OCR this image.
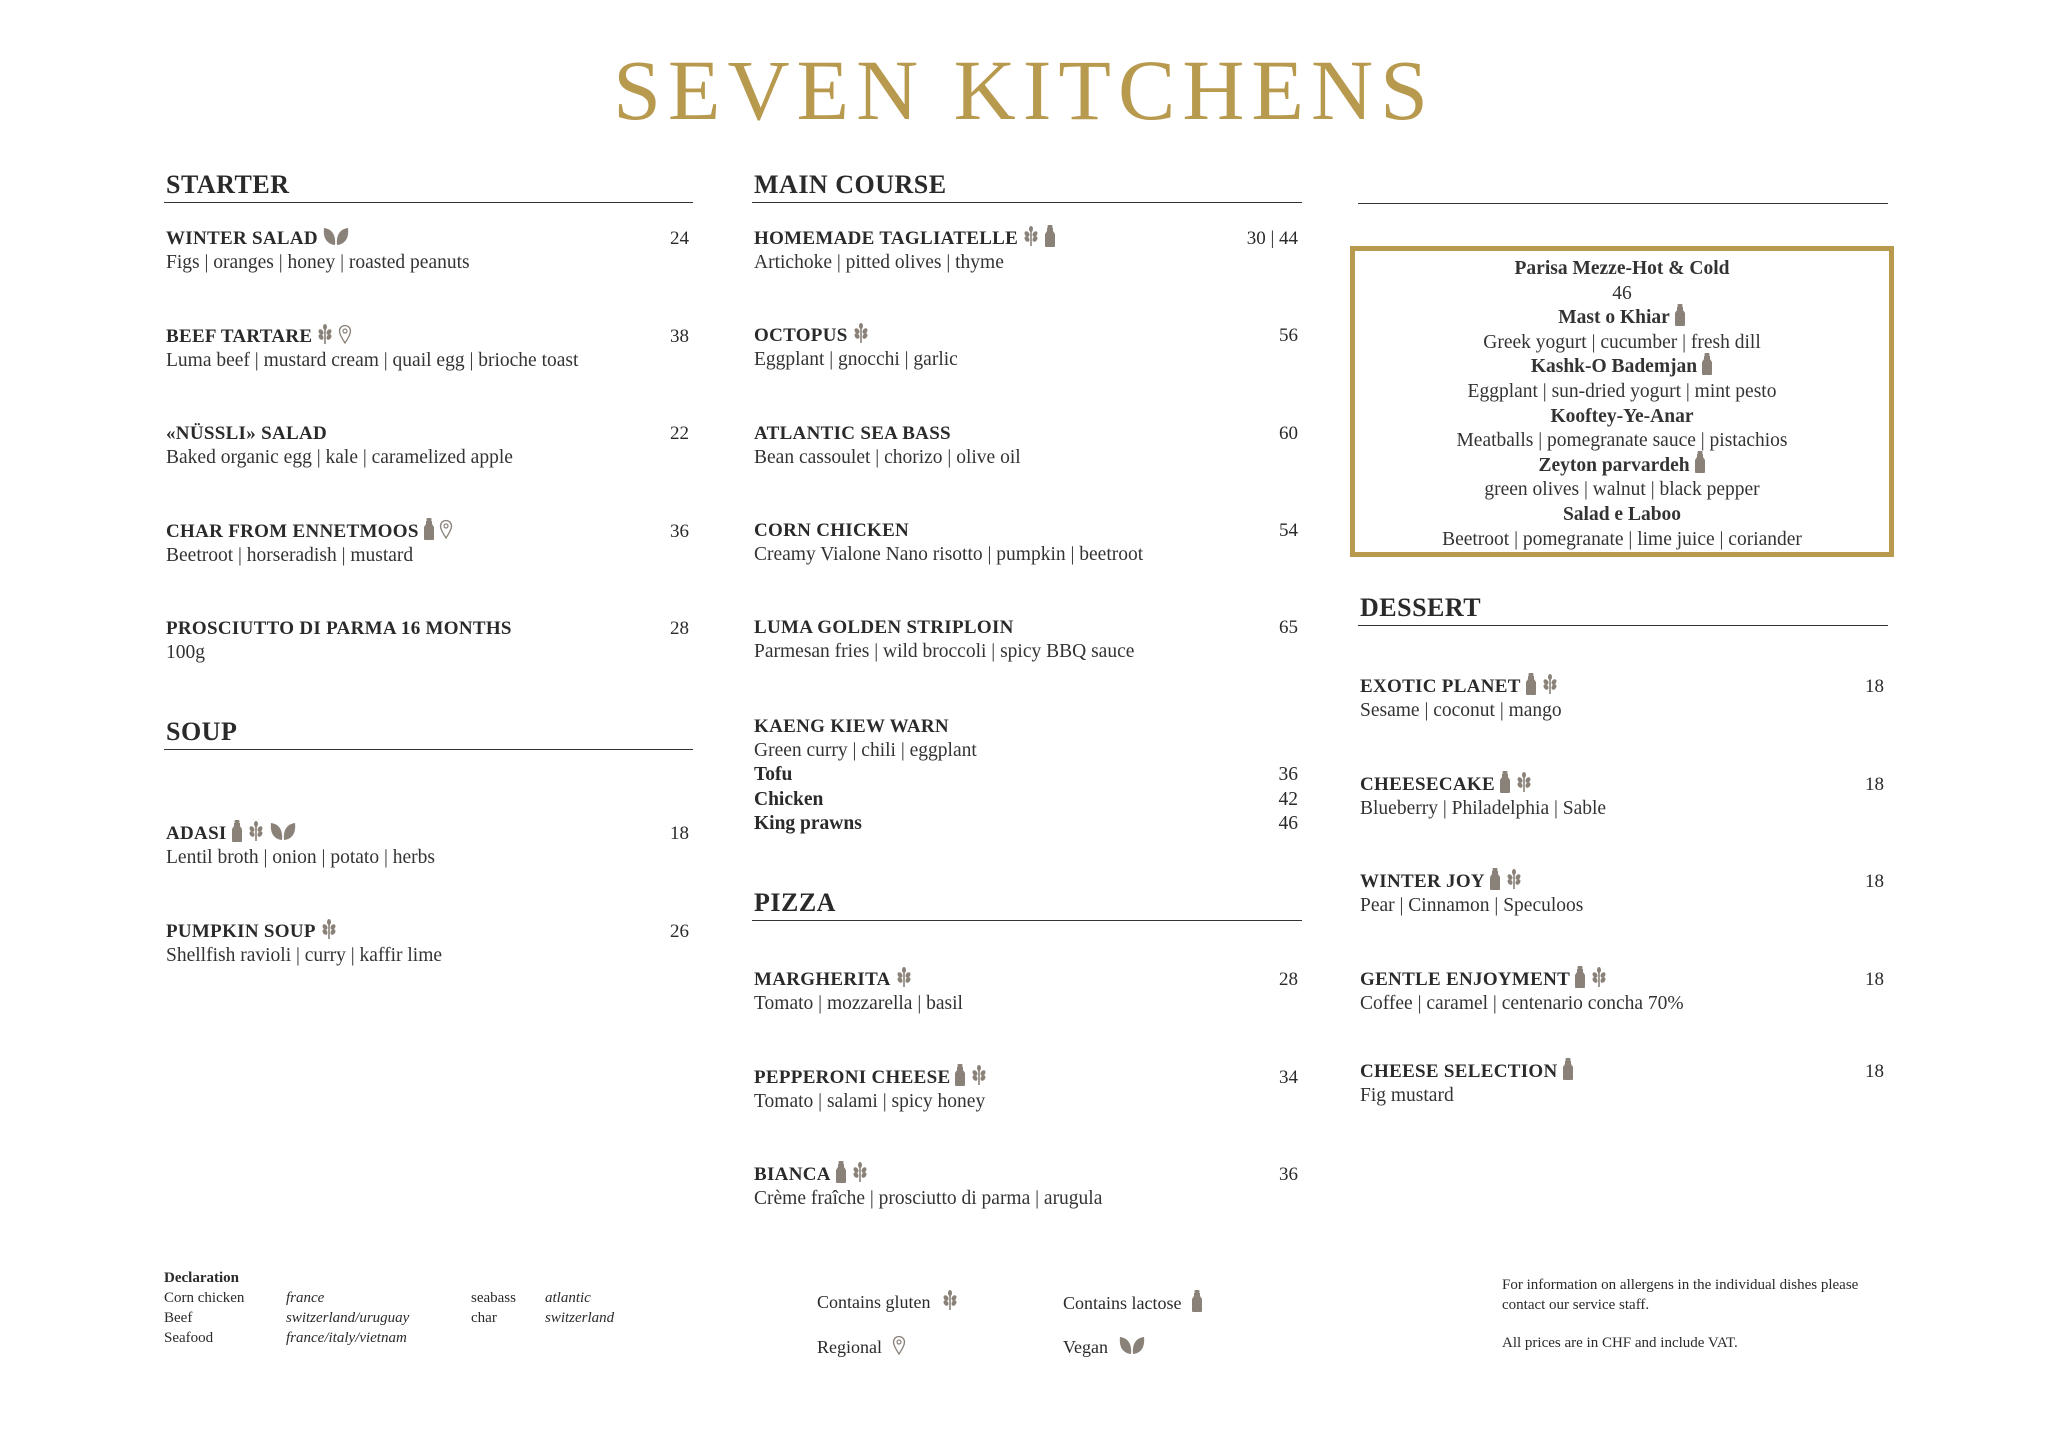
SEVEN KITCHENS
STARTER
WINTER SALAD	24
Figs | oranges | honey | roasted peanuts
BEEF TARTARE	38
Luma beef | mustard cream | quail egg | brioche toast
«NÜSSLI» SALAD	22
Baked organic egg | kale | caramelized apple
CHAR FROM ENNETMOOS	36
Beetroot | horseradish | mustard
PROSCIUTTO DI PARMA 16 MONTHS	28
100g
SOUP
ADASI	18
Lentil broth | onion | potato | herbs
PUMPKIN SOUP	26
Shellfish ravioli | curry | kaffir lime
MAIN COURSE
HOMEMADE TAGLIATELLE	30 | 44
Artichoke | pitted olives | thyme
OCTOPUS	56
Eggplant | gnocchi | garlic
ATLANTIC SEA BASS	60
Bean cassoulet | chorizo | olive oil
CORN CHICKEN	54
Creamy Vialone Nano risotto | pumpkin | beetroot
LUMA GOLDEN STRIPLOIN	65
Parmesan fries | wild broccoli | spicy BBQ sauce
KAENG KIEW WARN
Green curry | chili | eggplant
Tofu	36
Chicken	42
King prawns	46
PIZZA
MARGHERITA	28
Tomato | mozzarella | basil
PEPPERONI CHEESE	34
Tomato | salami | spicy honey
BIANCA	36
Crème fraîche | prosciutto di parma | arugula
Parisa Mezze-Hot & Cold
46
Mast o Khiar
Greek yogurt | cucumber | fresh dill
Kashk-O Bademjan
Eggplant | sun-dried yogurt | mint pesto
Kooftey-Ye-Anar
Meatballs | pomegranate sauce | pistachios
Zeyton parvardeh
green olives | walnut | black pepper
Salad e Laboo
Beetroot | pomegranate | lime juice | coriander
DESSERT
EXOTIC PLANET	18
Sesame | coconut | mango
CHEESECAKE	18
Blueberry | Philadelphia | Sable
WINTER JOY	18
Pear | Cinnamon | Speculoos
GENTLE ENJOYMENT	18
Coffee | caramel | centenario concha 70%
CHEESE SELECTION	18
Fig mustard
Declaration
Corn chicken	france
Beef	switzerland/uruguay
Seafood	france/italy/vietnam
seabass	atlantic
char	switzerland
Contains gluten	Contains lactose
Regional	Vegan
For information on allergens in the individual dishes please contact our service staff.
All prices are in CHF and include VAT.
